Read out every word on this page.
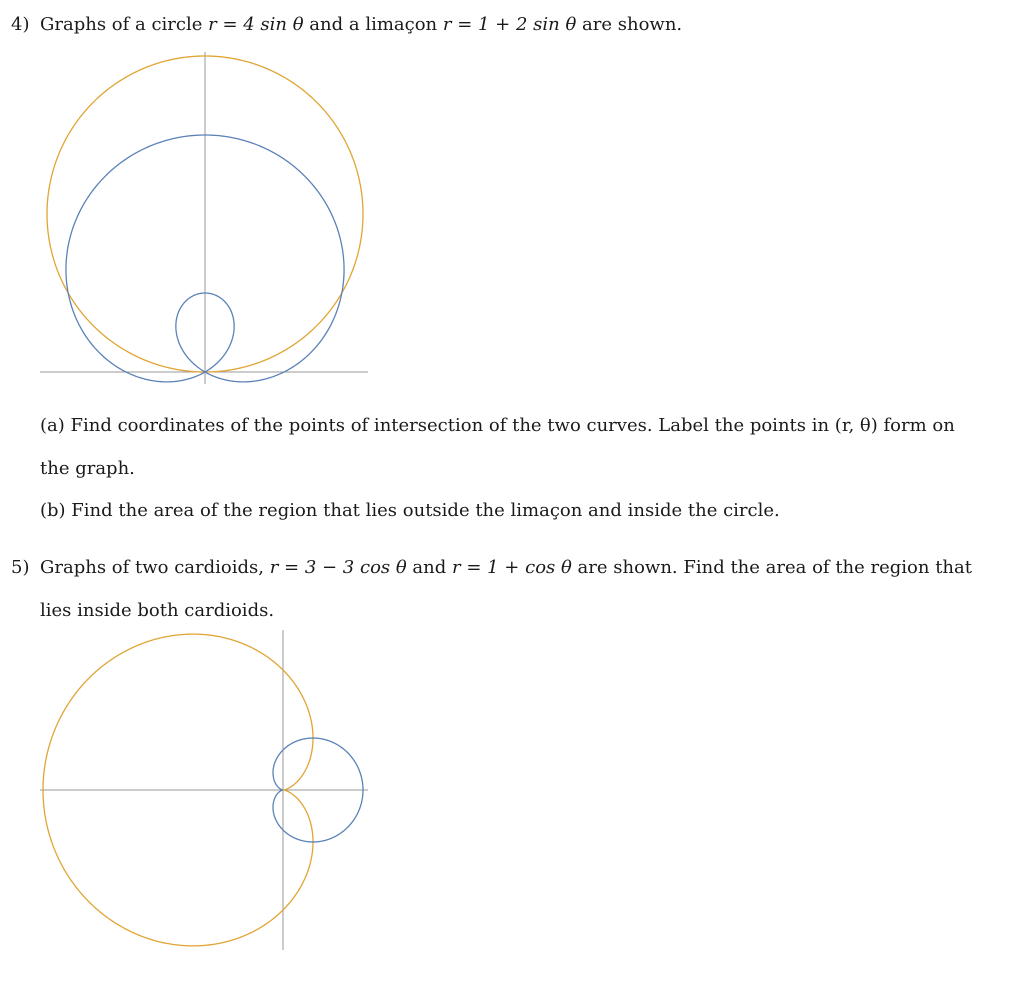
4) Graphs of a circle r = 4 sin θ and a limaçon r = 1 + 2 sin θ are shown.

(a) Find coordinates of the points of intersection of the two curves. Label the points in (r, θ) form on

the graph.

(b) Find the area of the region that lies outside the limaçon and inside the circle.

5) Graphs of two cardioids, r = 3 − 3 cos θ and r = 1 + cos θ are shown. Find the area of the region that

lies inside both cardioids.
